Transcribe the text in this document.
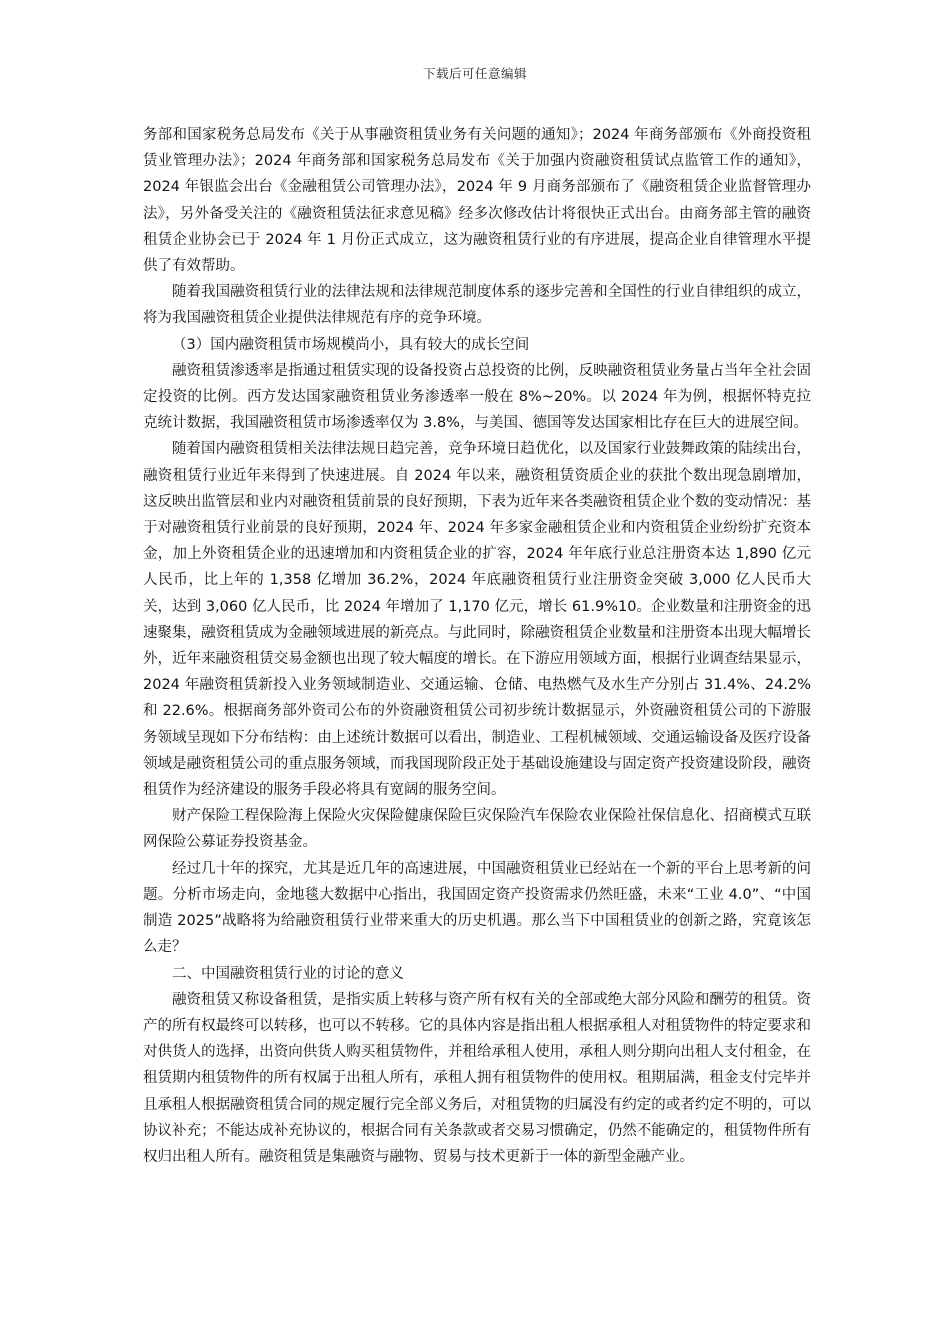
下载后可任意编辑

务部和国家税务总局发布《关于从事融资租赁业务有关问题的通知》；2024 年商务部颁布《外商投资租赁业管理办法》；2024 年商务部和国家税务总局发布《关于加强内资融资租赁试点监管工作的通知》，2024 年银监会出台《金融租赁公司管理办法》，2024 年 9 月商务部颁布了《融资租赁企业监督管理办法》，另外备受关注的《融资租赁法征求意见稿》经多次修改估计将很快正式出台。由商务部主管的融资租赁企业协会已于 2024 年 1 月份正式成立，这为融资租赁行业的有序进展，提高企业自律管理水平提供了有效帮助。

随着我国融资租赁行业的法律法规和法律规范制度体系的逐步完善和全国性的行业自律组织的成立，将为我国融资租赁企业提供法律规范有序的竞争环境。

（3）国内融资租赁市场规模尚小，具有较大的成长空间

融资租赁渗透率是指通过租赁实现的设备投资占总投资的比例，反映融资租赁业务量占当年全社会固定投资的比例。西方发达国家融资租赁业务渗透率一般在 8%~20%。以 2024 年为例，根据怀特克拉克统计数据，我国融资租赁市场渗透率仅为 3.8%，与美国、德国等发达国家相比存在巨大的进展空间。

随着国内融资租赁相关法律法规日趋完善，竞争环境日趋优化，以及国家行业鼓舞政策的陆续出台，融资租赁行业近年来得到了快速进展。自 2024 年以来，融资租赁资质企业的获批个数出现急剧增加，这反映出监管层和业内对融资租赁前景的良好预期，下表为近年来各类融资租赁企业个数的变动情况：基于对融资租赁行业前景的良好预期，2024 年、2024 年多家金融租赁企业和内资租赁企业纷纷扩充资本金，加上外资租赁企业的迅速增加和内资租赁企业的扩容，2024 年年底行业总注册资本达 1,890 亿元人民币，比上年的 1,358 亿增加 36.2%，2024 年底融资租赁行业注册资金突破 3,000 亿人民币大关，达到 3,060 亿人民币，比 2024 年增加了 1,170 亿元，增长 61.9%10。企业数量和注册资金的迅速聚集，融资租赁成为金融领域进展的新亮点。与此同时，除融资租赁企业数量和注册资本出现大幅增长外，近年来融资租赁交易金额也出现了较大幅度的增长。在下游应用领域方面，根据行业调查结果显示，2024 年融资租赁新投入业务领域制造业、交通运输、仓储、电热燃气及水生产分别占 31.4%、24.2%和 22.6%。根据商务部外资司公布的外资融资租赁公司初步统计数据显示，外资融资租赁公司的下游服务领域呈现如下分布结构：由上述统计数据可以看出，制造业、工程机械领域、交通运输设备及医疗设备领域是融资租赁公司的重点服务领域，而我国现阶段正处于基础设施建设与固定资产投资建设阶段，融资租赁作为经济建设的服务手段必将具有宽阔的服务空间。

财产保险工程保险海上保险火灾保险健康保险巨灾保险汽车保险农业保险社保信息化、招商模式互联网保险公募证券投资基金。

经过几十年的探究，尤其是近几年的高速进展，中国融资租赁业已经站在一个新的平台上思考新的问题。分析市场走向，金地毯大数据中心指出，我国固定资产投资需求仍然旺盛，未来“工业 4.0”、“中国制造 2025”战略将为给融资租赁行业带来重大的历史机遇。那么当下中国租赁业的创新之路，究竟该怎么走？

二、中国融资租赁行业的讨论的意义

融资租赁又称设备租赁，是指实质上转移与资产所有权有关的全部或绝大部分风险和酬劳的租赁。资产的所有权最终可以转移，也可以不转移。它的具体内容是指出租人根据承租人对租赁物件的特定要求和对供货人的选择，出资向供货人购买租赁物件，并租给承租人使用，承租人则分期向出租人支付租金，在租赁期内租赁物件的所有权属于出租人所有，承租人拥有租赁物件的使用权。租期届满，租金支付完毕并且承租人根据融资租赁合同的规定履行完全部义务后，对租赁物的归属没有约定的或者约定不明的，可以协议补充；不能达成补充协议的，根据合同有关条款或者交易习惯确定，仍然不能确定的，租赁物件所有权归出租人所有。融资租赁是集融资与融物、贸易与技术更新于一体的新型金融产业。
